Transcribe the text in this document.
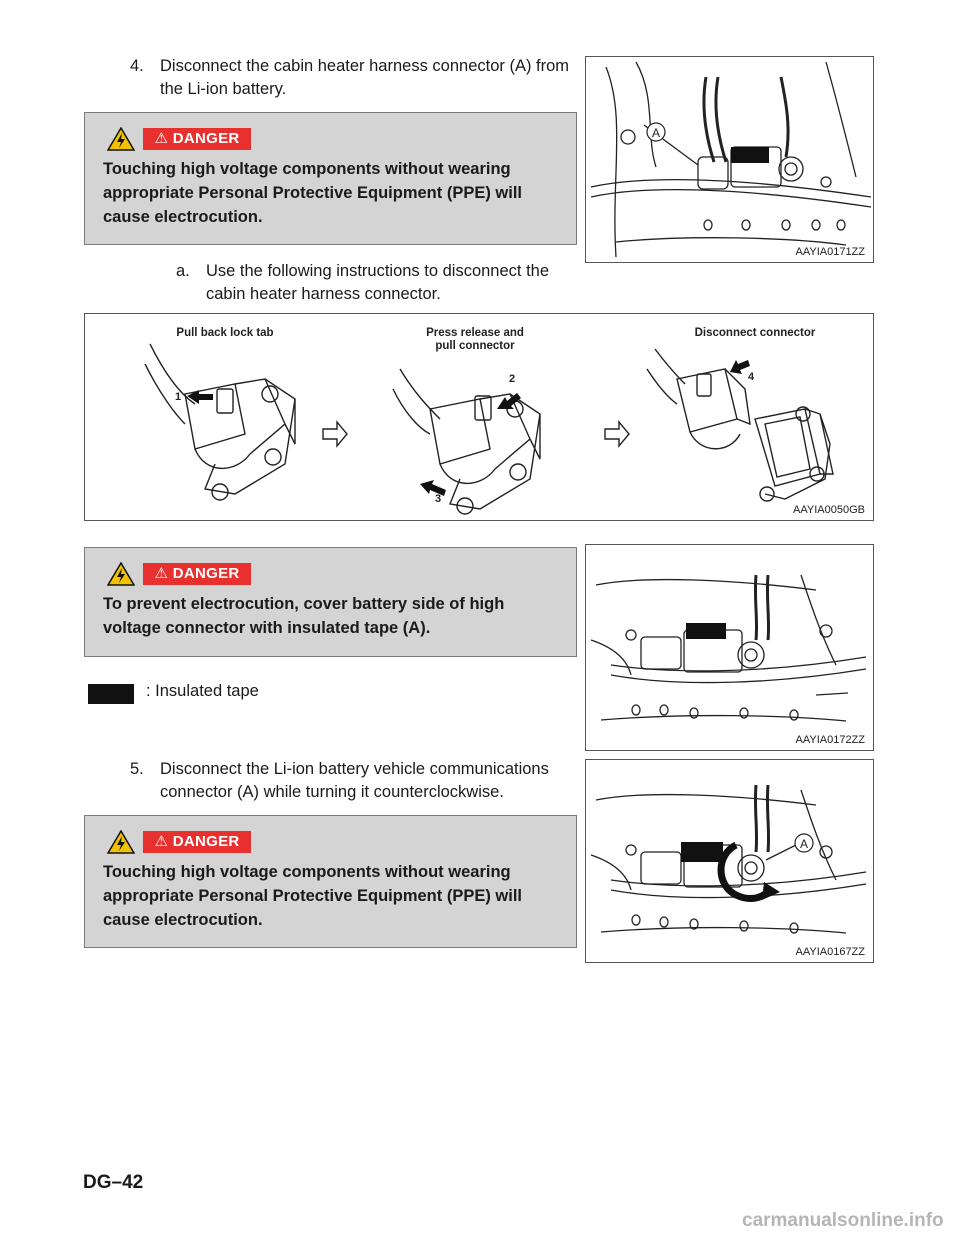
4. Disconnect the cabin heater harness connector (A) from
the Li-ion battery.
⚠ DANGER
Touching high voltage components without wearing
appropriate Personal Protective Equipment (PPE) will
cause electrocution.
a. Use the following instructions to disconnect the
cabin heater harness connector.
A
AAYIA0171ZZ
Pull back lock tab	Press release and
pull connector
Disconnect connector
1
2
3
4
AAYIA0050GB
⚠ DANGER
To prevent electrocution, cover battery side of high
voltage connector with insulated tape (A).
: Insulated tape
AAYIA0172ZZ
5. Disconnect the Li-ion battery vehicle communications
connector (A) while turning it counterclockwise.
⚠ DANGER
Touching high voltage components without wearing
appropriate Personal Protective Equipment (PPE) will
cause electrocution.
A
AAYIA0167ZZ
DG–42
carmanualsonline.info
